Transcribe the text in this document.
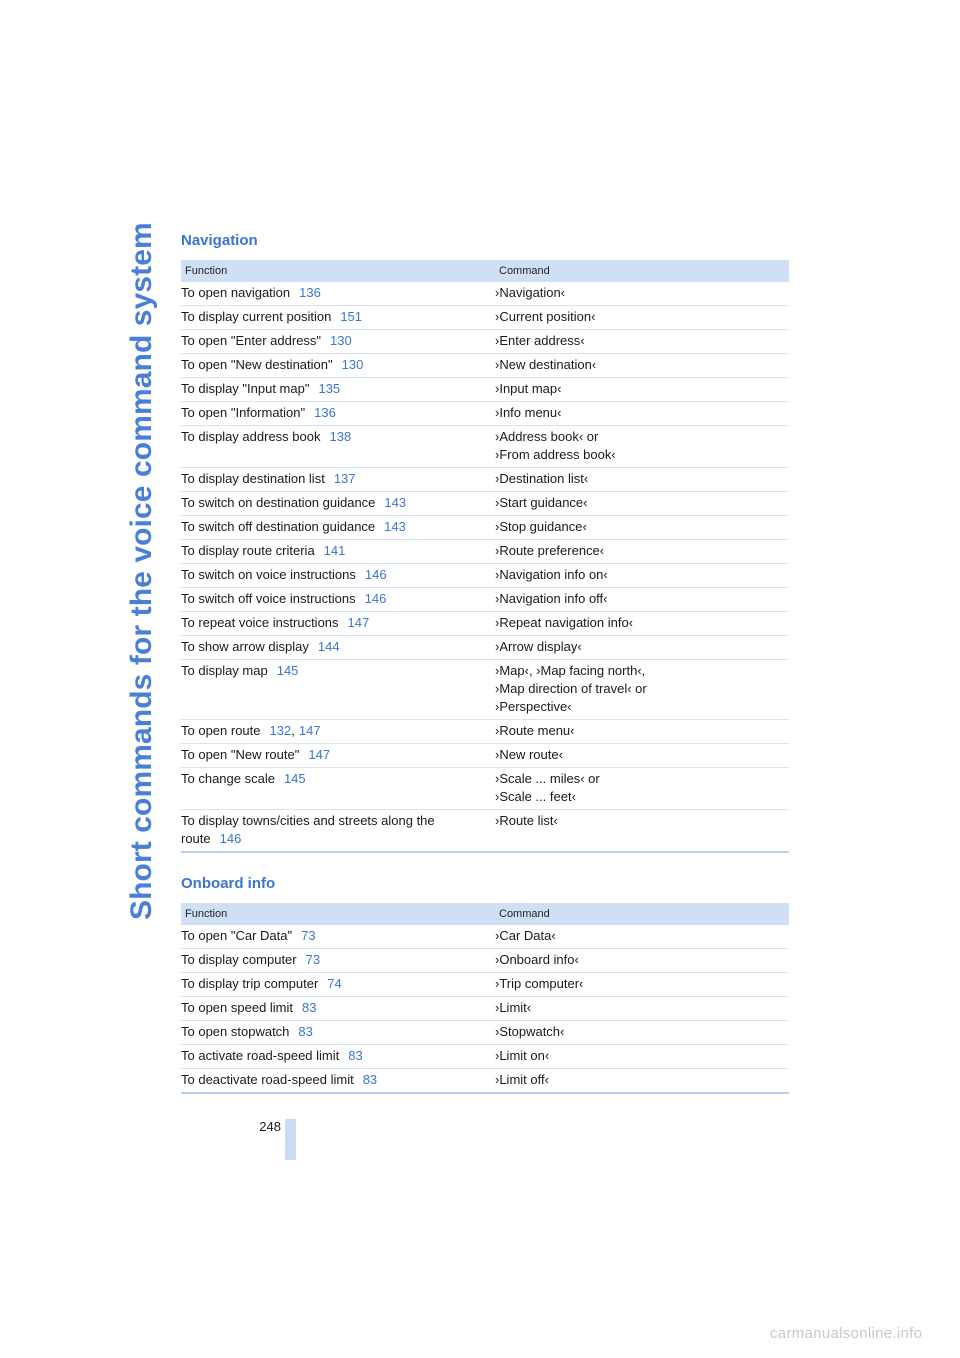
Short commands for the voice command system Navigation
Function	Command
To open navigation 136	›Navigation‹

To display current position 151	›Current position‹

To open "Enter address" 130	›Enter address‹

To open "New destination" 130	›New destination‹

To display "Input map" 135	›Input map‹

To open "Information" 136	›Info menu‹

To display address book 138	›Address book‹ or
›From address book‹

To display destination list 137	›Destination list‹

To switch on destination guidance 143	›Start guidance‹

To switch off destination guidance 143	›Stop guidance‹

To display route criteria 141	›Route preference‹

To switch on voice instructions 146	›Navigation info on‹

To switch off voice instructions 146	›Navigation info off‹

To repeat voice instructions 147	›Repeat navigation info‹

To show arrow display 144	›Arrow display‹

To display map 145	›Map‹, ›Map facing north‹,
›Map direction of travel‹ or
›Perspective‹

To open route 132, 147	›Route menu‹

To open "New route" 147	›New route‹

To change scale 145	›Scale ... miles‹ or
›Scale ... feet‹

To display towns/cities and streets along the route 146	›Route list‹
Onboard info
Function	Command
To open "Car Data" 73	›Car Data‹

To display computer 73	›Onboard info‹

To display trip computer 74	›Trip computer‹

To open speed limit 83	›Limit‹

To open stopwatch 83	›Stopwatch‹

To activate road-speed limit 83	›Limit on‹

To deactivate road-speed limit 83	›Limit off‹
248
carmanualsonline.info
